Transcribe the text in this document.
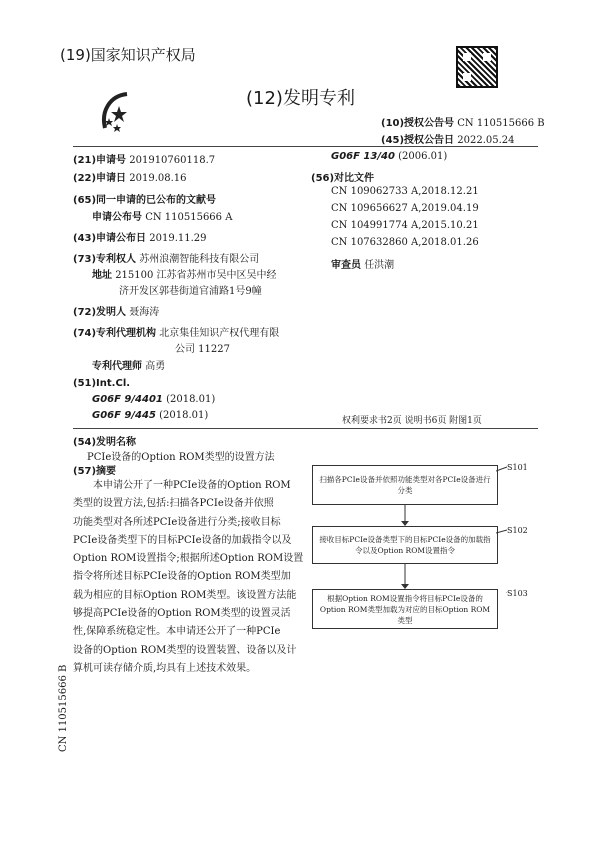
(19)国家知识产权局
(12)发明专利
(10)授权公告号 CN 110515666 B
(45)授权公告日 2022.05.24
(21)申请号 201910760118.7
(22)申请日 2019.08.16
(65)同一申请的已公布的文献号
申请公布号 CN 110515666 A
(43)申请公布日 2019.11.29
(73)专利权人 苏州浪潮智能科技有限公司
地址 215100 江苏省苏州市吴中区吴中经
济开发区郭巷街道官浦路1号9幢
(72)发明人 聂海涛
(74)专利代理机构 北京集佳知识产权代理有限
公司 11227
专利代理师 高勇
(51)Int.Cl.
G06F 9/4401 (2018.01)
G06F 9/445 (2018.01)
G06F 13/40 (2006.01)
(56)对比文件
CN 109062733 A,2018.12.21
CN 109656627 A,2019.04.19
CN 104991774 A,2015.10.21
CN 107632860 A,2018.01.26
审查员 任洪潮
权利要求书2页 说明书6页 附图1页
(54)发明名称
PCIe设备的Option ROM类型的设置方法
(57)摘要
本申请公开了一种PCIe设备的Option ROM
类型的设置方法,包括:扫描各PCIe设备并依照
功能类型对各所述PCIe设备进行分类;接收目标
PCIe设备类型下的目标PCIe设备的加载指令以及
Option ROM设置指令;根据所述Option ROM设置
指令将所述目标PCIe设备的Option ROM类型加
载为相应的目标Option ROM类型。该设置方法能
够提高PCIe设备的Option ROM类型的设置灵活
性,保障系统稳定性。本申请还公开了一种PCIe
设备的Option ROM类型的设置装置、设备以及计
算机可读存储介质,均具有上述技术效果。
扫描各PCIe设备并依照功能类型对各PCIe设备进行分类
S101
接收目标PCIe设备类型下的目标PCIe设备的加载指令以及Option ROM设置指令
S102
根据Option ROM设置指令将目标PCIe设备的Option ROM类型加载为对应的目标Option ROM类型
S103
CN 110515666 B
